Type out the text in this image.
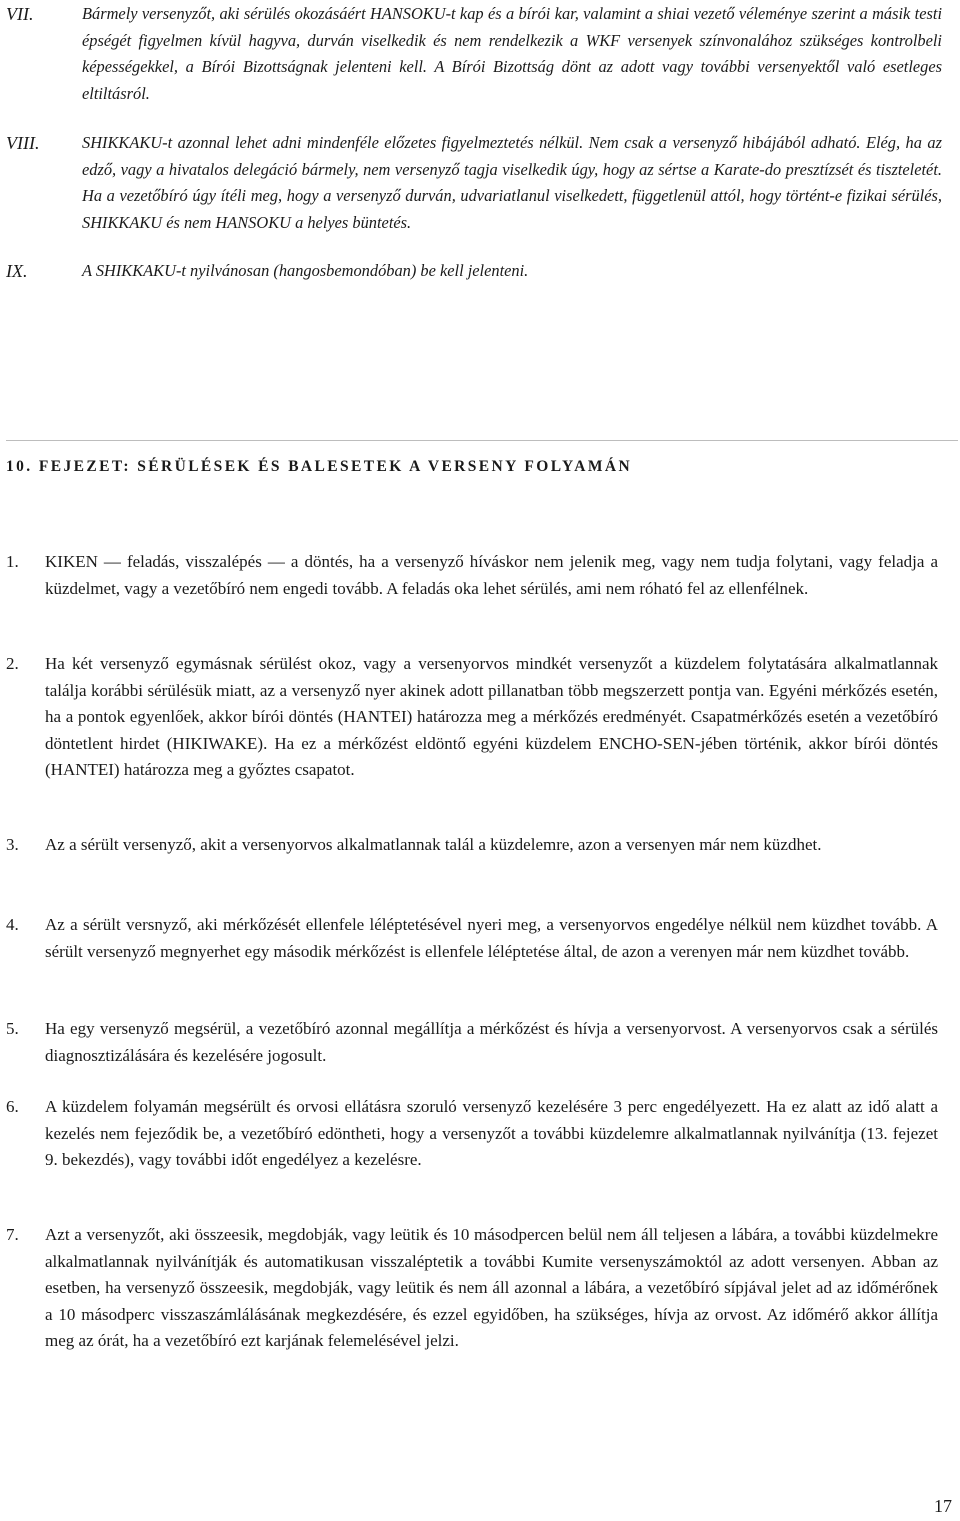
VII.	Bármely versenyzőt, aki sérülés okozásáért HANSOKU-t kap és a bírói kar, valamint a shiai vezető véleménye szerint a másik testi épségét figyelmen kívül hagyva, durván viselkedik és nem rendelkezik a WKF versenyek színvonalához szükséges kontrolbeli képességekkel, a Bírói Bizottságnak jelenteni kell. A Bírói Bizottság dönt az adott vagy további versenyektől való esetleges eltiltásról.

VIII.	SHIKKAKU-t azonnal lehet adni mindenféle előzetes figyelmeztetés nélkül. Nem csak a versenyző hibájából adható. Elég, ha az edző, vagy a hivatalos delegáció bármely, nem versenyző tagja viselkedik úgy, hogy az sértse a Karate-do presztízsét és tiszteletét. Ha a vezetőbíró úgy ítéli meg, hogy a versenyző durván, udvariatlanul viselkedett, függetlenül attól, hogy történt-e fizikai sérülés, SHIKKAKU és nem HANSOKU a helyes büntetés.

IX.	A SHIKKAKU-t nyilvánosan (hangosbemondóban) be kell jelenteni.

10. FEJEZET: SÉRÜLÉSEK ÉS BALESETEK A VERSENY FOLYAMÁN
1. KIKEN — feladás, visszalépés — a döntés, ha a versenyző híváskor nem jelenik meg, vagy nem tudja folytani, vagy feladja a küzdelmet, vagy a vezetőbíró nem engedi tovább. A feladás oka lehet sérülés, ami nem róható fel az ellenfélnek.

2. Ha két versenyző egymásnak sérülést okoz, vagy a versenyorvos mindkét versenyzőt a küzdelem folytatására alkalmatlannak találja korábbi sérülésük miatt, az a versenyző nyer akinek adott pillanatban több megszerzett pontja van. Egyéni mérkőzés esetén, ha a pontok egyenlőek, akkor bírói döntés (HANTEI) határozza meg a mérkőzés eredményét. Csapatmérkőzés esetén a vezetőbíró döntetlent hirdet (HIKIWAKE). Ha ez a mérkőzést eldöntő egyéni küzdelem ENCHO-SEN-jében történik, akkor bírói döntés (HANTEI) határozza meg a győztes csapatot.

3. Az a sérült versenyző, akit a versenyorvos alkalmatlannak talál a küzdelemre, azon a versenyen már nem küzdhet.

4. Az a sérült versnyző, aki mérkőzését ellenfele léléptetésével nyeri meg, a versenyorvos engedélye nélkül nem küzdhet tovább. A sérült versenyző megnyerhet egy második mérkőzést is ellenfele léléptetése által, de azon a verenyen már nem küzdhet tovább.

5. Ha egy versenyző megsérül, a vezetőbíró azonnal megállítja a mérkőzést és hívja a versenyorvost. A versenyorvos csak a sérülés diagnosztizálására és kezelésére jogosult.

6. A küzdelem folyamán megsérült és orvosi ellátásra szoruló versenyző kezelésére 3 perc engedélyezett. Ha ez alatt az idő alatt a kezelés nem fejeződik be, a vezetőbíró edöntheti, hogy a versenyzőt a további küzdelemre alkalmatlannak nyilvánítja (13. fejezet 9. bekezdés), vagy további időt engedélyez a kezelésre.

7. Azt a versenyzőt, aki összeesik, megdobják, vagy leütik és 10 másodpercen belül nem áll teljesen a lábára, a további küzdelmekre alkalmatlannak nyilvánítják és automatikusan visszaléptetik a további Kumite versenyszámoktól az adott versenyen. Abban az esetben, ha versenyző összeesik, megdobják, vagy leütik és nem áll azonnal a lábára, a vezetőbíró sípjával jelet ad az időmérőnek a 10 másodperc visszaszámlálásának megkezdésére, és ezzel egyidőben, ha szükséges, hívja az orvost. Az időmérő akkor állítja meg az órát, ha a vezetőbíró ezt karjának felemelésével jelzi.

17
